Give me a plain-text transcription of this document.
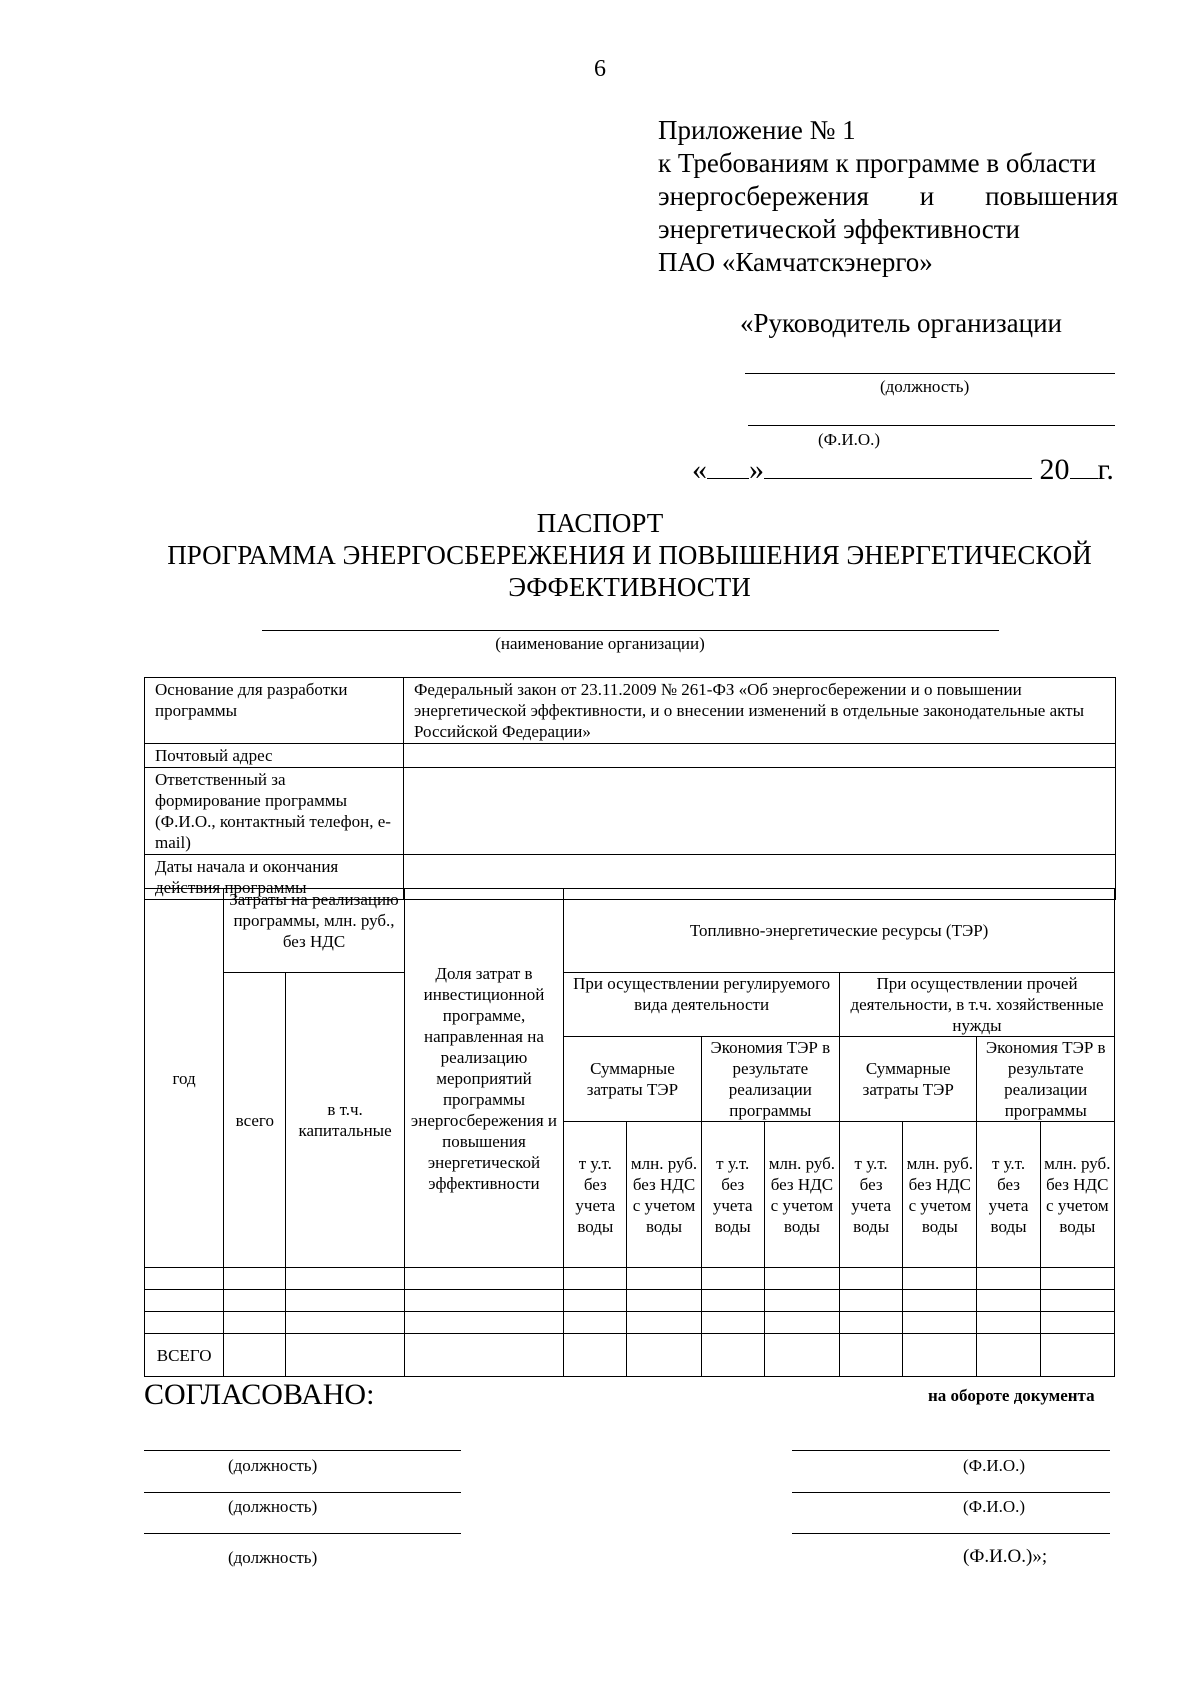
6
Приложение № 1
к Требованиям к программе в области
энергосбережения и повышения
энергетической эффективности
ПАО «Камчатскэнерго»
«Руководитель организации
(должность)
(Ф.И.О.)
« »	20 г.
ПАСПОРТ
ПРОГРАММА ЭНЕРГОСБЕРЕЖЕНИЯ И ПОВЫШЕНИЯ ЭНЕРГЕТИЧЕСКОЙ
ЭФФЕКТИВНОСТИ
(наименование организации)
Основание для разработки программы	Федеральный закон от 23.11.2009 № 261-ФЗ «Об энергосбережении и о повышении энергетической эффективности, и о внесении изменений в отдельные законодательные акты Российской Федерации»
Почтовый адрес	
Ответственный за формирование программы (Ф.И.О., контактный телефон, e-mail)	
Даты начала и окончания действия программы	
год	Затраты на реализацию программы, млн. руб., без НДС		Доля затрат в инвестиционной программе, направленная на реализацию мероприятий программы энергосбережения и повышения энергетической эффективности	Топливно-энергетические ресурсы (ТЭР)							
	всего	в т.ч. капитальные		При осуществлении регулируемого вида деятельности				При осуществлении прочей деятельности, в т.ч. хозяйственные нужды			
				Суммарные затраты ТЭР		Экономия ТЭР в результате реализации программы		Суммарные затраты ТЭР		Экономия ТЭР в результате реализации программы	
				т у.т. без учета воды	млн. руб. без НДС с учетом воды	т у.т. без учета воды	млн. руб. без НДС с учетом воды	т у.т. без учета воды	млн. руб. без НДС с учетом воды	т у.т. без учета воды	млн. руб. без НДС с учетом воды

ВСЕГО											
СОГЛАСОВАНО:	на обороте документа
(должность)	(Ф.И.О.)
(должность)	(Ф.И.О.)
(должность)	(Ф.И.О.)»;
